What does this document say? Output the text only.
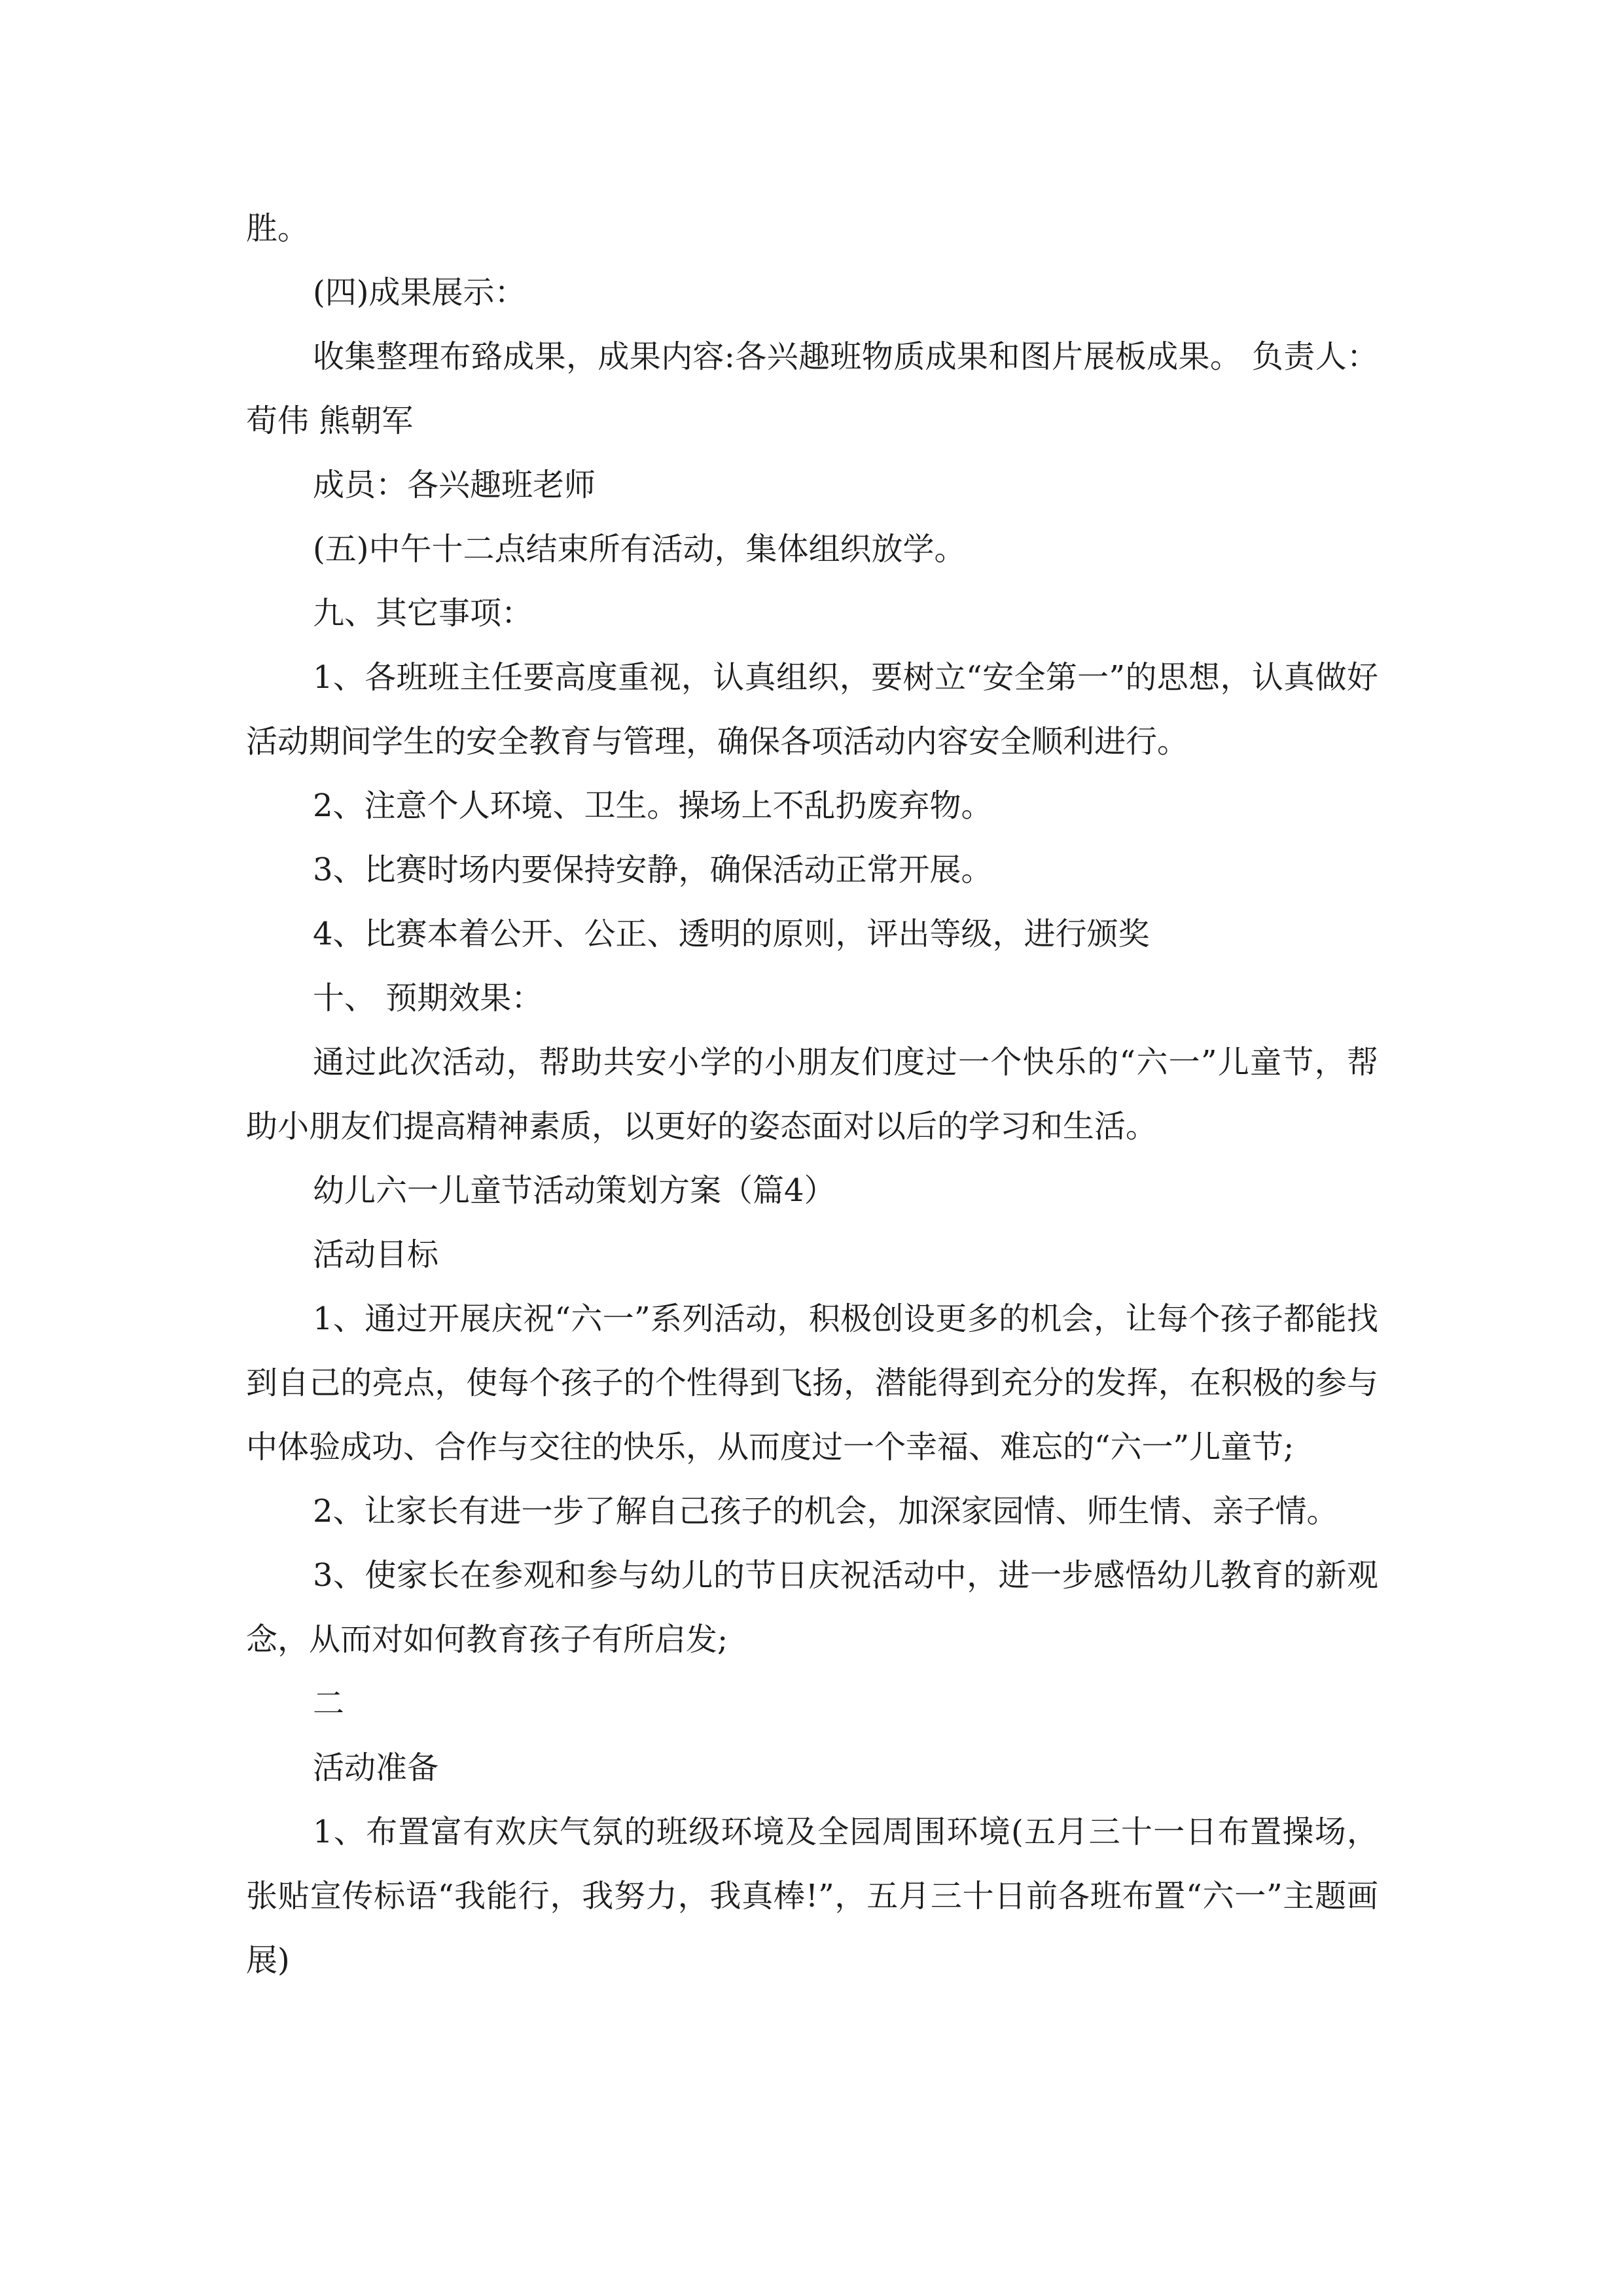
胜。

(四)成果展示：

收集整理布臵成果，成果内容:各兴趣班物质成果和图片展板成果。 负责人：荀伟 熊朝军

成员：各兴趣班老师

(五)中午十二点结束所有活动，集体组织放学。

九、其它事项：

1、各班班主任要高度重视，认真组织，要树立“安全第一”的思想，认真做好活动期间学生的安全教育与管理，确保各项活动内容安全顺利进行。

2、注意个人环境、卫生。操场上不乱扔废弃物。

3、比赛时场内要保持安静，确保活动正常开展。

4、比赛本着公开、公正、透明的原则，评出等级，进行颁奖

十、 预期效果：

通过此次活动，帮助共安小学的小朋友们度过一个快乐的“六一”儿童节，帮助小朋友们提高精神素质，以更好的姿态面对以后的学习和生活。

幼儿六一儿童节活动策划方案（篇4）

活动目标

1、通过开展庆祝“六一”系列活动，积极创设更多的机会，让每个孩子都能找到自己的亮点，使每个孩子的个性得到飞扬，潜能得到充分的发挥，在积极的参与中体验成功、合作与交往的快乐，从而度过一个幸福、难忘的“六一”儿童节;

2、让家长有进一步了解自己孩子的机会，加深家园情、师生情、亲子情。

3、使家长在参观和参与幼儿的节日庆祝活动中，进一步感悟幼儿教育的新观念，从而对如何教育孩子有所启发;

二

活动准备

1、布置富有欢庆气氛的班级环境及全园周围环境(五月三十一日布置操场，张贴宣传标语“我能行，我努力，我真棒!”，五月三十日前各班布置“六一”主题画展)
